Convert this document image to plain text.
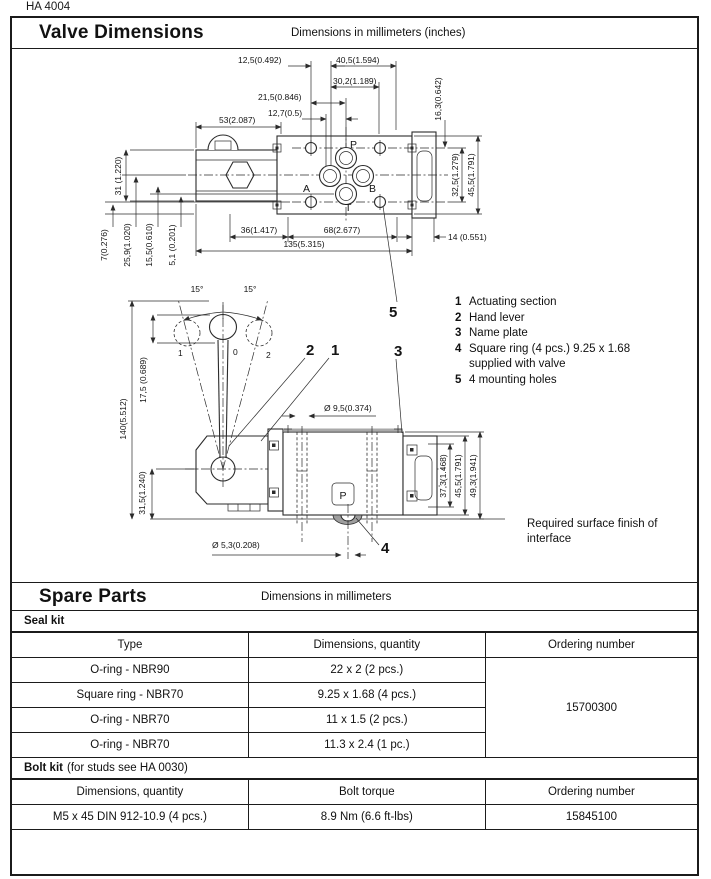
HA 4004
Valve Dimensions	Dimensions in millimeters (inches)
P
A	B
T
12,5(0.492)	40,5(1.594)
30,2(1.189)
21,5(0.846)
12,7(0.5)
53(2.087)	16,3(0.642)
32,5(1.279) 45,5(1.791)
36(1.417)	68(2.677)
14 (0.551)
135(5.315)
31 (1.220)
7(0.276) 25,9(1.020) 15,5(0.610) 5,1 (0.201)
17,5 (0.689)
140(5.512)
31,5(1.240)
15°	15°
1	0	2
Ø 9,5(0.374)
P
Ø 5,3(0.208)
37,3(1.468) 45,5(1.791) 49,3(1.941)
2 1	3
5
4
1 Actuating section
2 Hand lever
3 Name plate
4 Square ring (4 pcs.) 9.25 x 1.68 supplied with valve
5 4 mounting holes
Required surface finish of interface
Spare Parts	Dimensions in millimeters
Seal kit
Type	Dimensions, quantity	Ordering number
O-ring - NBR90	22 x 2 (2 pcs.)	15700300
Square ring - NBR70	9.25 x 1.68 (4 pcs.)	
O-ring - NBR70	11 x 1.5 (2 pcs.)	
O-ring - NBR70	11.3 x 2.4 (1 pc.)	
Bolt kit (for studs see HA 0030)
Dimensions, quantity	Bolt torque	Ordering number
M5 x 45 DIN 912-10.9 (4 pcs.)	8.9 Nm (6.6 ft-lbs)	15845100
